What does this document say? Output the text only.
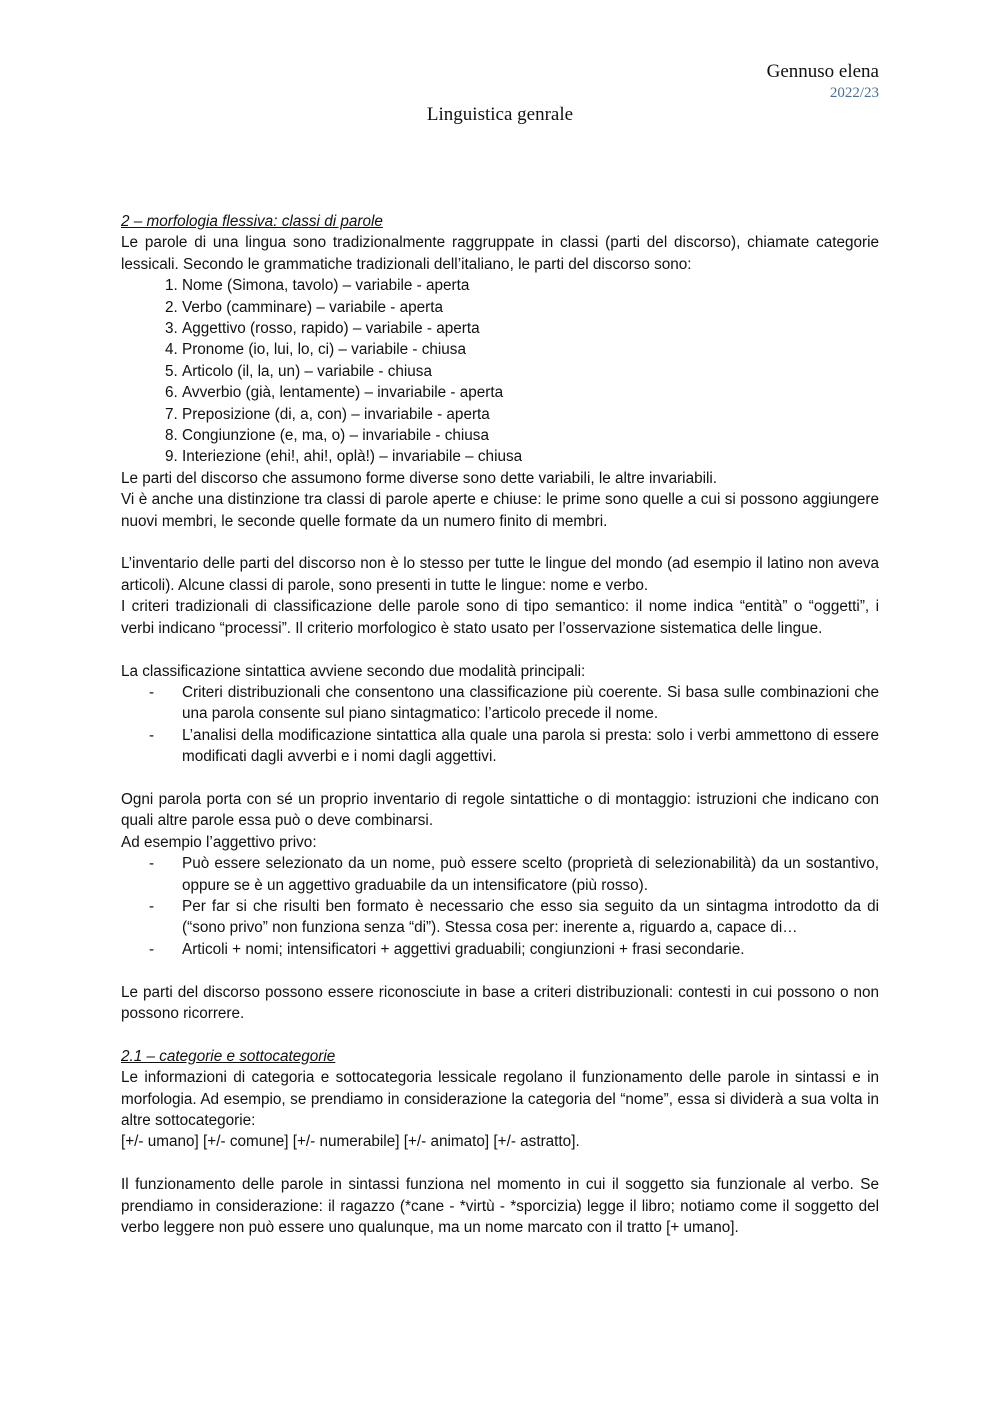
Gennuso elena
2022/23
Linguistica genrale

2 – morfologia flessiva: classi di parole

Le parole di una lingua sono tradizionalmente raggruppate in classi (parti del discorso), chiamate categorie lessicali. Secondo le grammatiche tradizionali dell’italiano, le parti del discorso sono:

1. Nome (Simona, tavolo) – variabile - aperta
2. Verbo (camminare) – variabile - aperta
3. Aggettivo (rosso, rapido) – variabile - aperta
4. Pronome (io, lui, lo, ci) – variabile - chiusa
5. Articolo (il, la, un) – variabile - chiusa
6. Avverbio (già, lentamente) – invariabile - aperta
7. Preposizione (di, a, con) – invariabile - aperta
8. Congiunzione (e, ma, o) – invariabile - chiusa
9. Interiezione (ehi!, ahi!, oplà!) – invariabile – chiusa

Le parti del discorso che assumono forme diverse sono dette variabili, le altre invariabili.

Vi è anche una distinzione tra classi di parole aperte e chiuse: le prime sono quelle a cui si possono aggiungere nuovi membri, le seconde quelle formate da un numero finito di membri.

L’inventario delle parti del discorso non è lo stesso per tutte le lingue del mondo (ad esempio il latino non aveva articoli). Alcune classi di parole, sono presenti in tutte le lingue: nome e verbo.

I criteri tradizionali di classificazione delle parole sono di tipo semantico: il nome indica “entità” o “oggetti”, i verbi indicano “processi”. Il criterio morfologico è stato usato per l’osservazione sistematica delle lingue.

La classificazione sintattica avviene secondo due modalità principali:

- Criteri distribuzionali che consentono una classificazione più coerente. Si basa sulle combinazioni che una parola consente sul piano sintagmatico: l’articolo precede il nome.
- L’analisi della modificazione sintattica alla quale una parola si presta: solo i verbi ammettono di essere modificati dagli avverbi e i nomi dagli aggettivi.

Ogni parola porta con sé un proprio inventario di regole sintattiche o di montaggio: istruzioni che indicano con quali altre parole essa può o deve combinarsi.

Ad esempio l’aggettivo privo:

- Può essere selezionato da un nome, può essere scelto (proprietà di selezionabilità) da un sostantivo, oppure se è un aggettivo graduabile da un intensificatore (più rosso).
- Per far si che risulti ben formato è necessario che esso sia seguito da un sintagma introdotto da di (“sono privo” non funziona senza “di”). Stessa cosa per: inerente a, riguardo a, capace di…
- Articoli + nomi; intensificatori + aggettivi graduabili; congiunzioni + frasi secondarie.

Le parti del discorso possono essere riconosciute in base a criteri distribuzionali: contesti in cui possono o non possono ricorrere.

2.1 – categorie e sottocategorie

Le informazioni di categoria e sottocategoria lessicale regolano il funzionamento delle parole in sintassi e in morfologia. Ad esempio, se prendiamo in considerazione la categoria del “nome”, essa si dividerà a sua volta in altre sottocategorie:

[+/- umano] [+/- comune] [+/- numerabile] [+/- animato] [+/- astratto].

Il funzionamento delle parole in sintassi funziona nel momento in cui il soggetto sia funzionale al verbo. Se prendiamo in considerazione: il ragazzo (*cane - *virtù - *sporcizia) legge il libro; notiamo come il soggetto del verbo leggere non può essere uno qualunque, ma un nome marcato con il tratto [+ umano].
